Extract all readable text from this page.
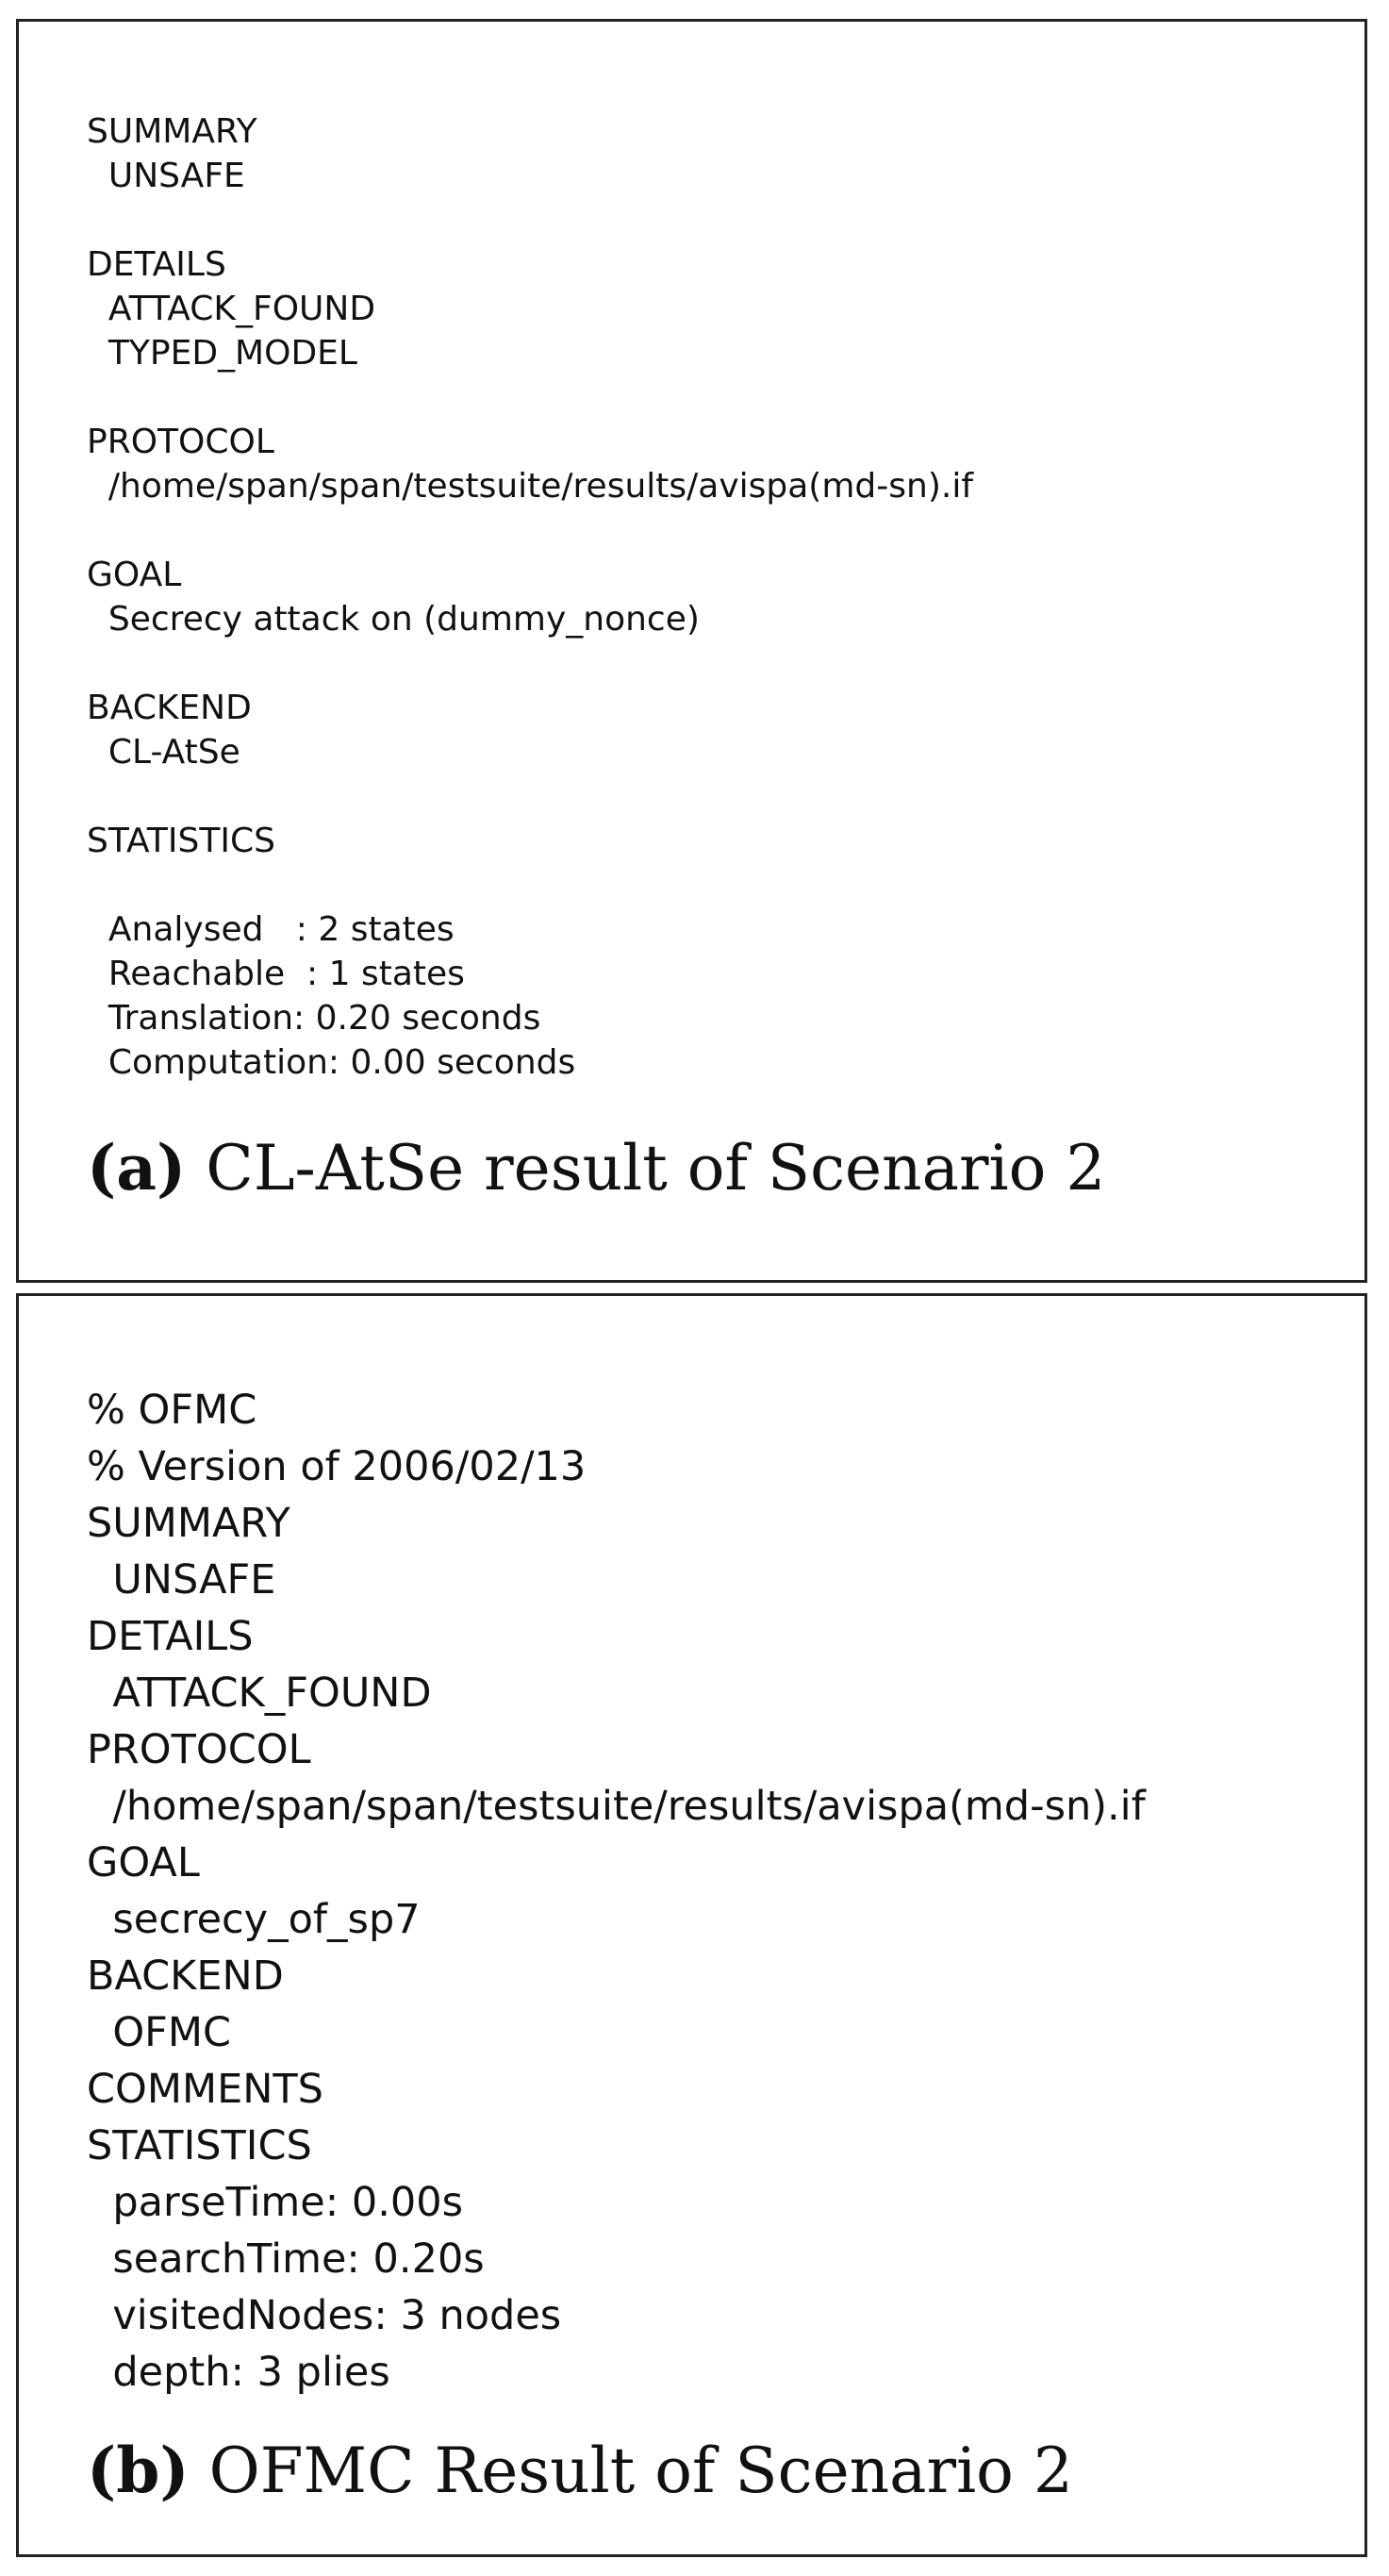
SUMMARY
UNSAFE
DETAILS
ATTACK_FOUND
TYPED_MODEL
PROTOCOL
/home/span/span/testsuite/results/avispa(md-sn).if
GOAL
Secrecy attack on (dummy_nonce)
BACKEND
CL-AtSe
STATISTICS
Analysed   : 2 states
Reachable  : 1 states
Translation: 0.20 seconds
Computation: 0.00 seconds
(a) CL-AtSe result of Scenario 2
% OFMC
% Version of 2006/02/13
SUMMARY
UNSAFE
DETAILS
ATTACK_FOUND
PROTOCOL
/home/span/span/testsuite/results/avispa(md-sn).if
GOAL
secrecy_of_sp7
BACKEND
OFMC
COMMENTS
STATISTICS
parseTime: 0.00s
searchTime: 0.20s
visitedNodes: 3 nodes
depth: 3 plies
(b) OFMC Result of Scenario 2
